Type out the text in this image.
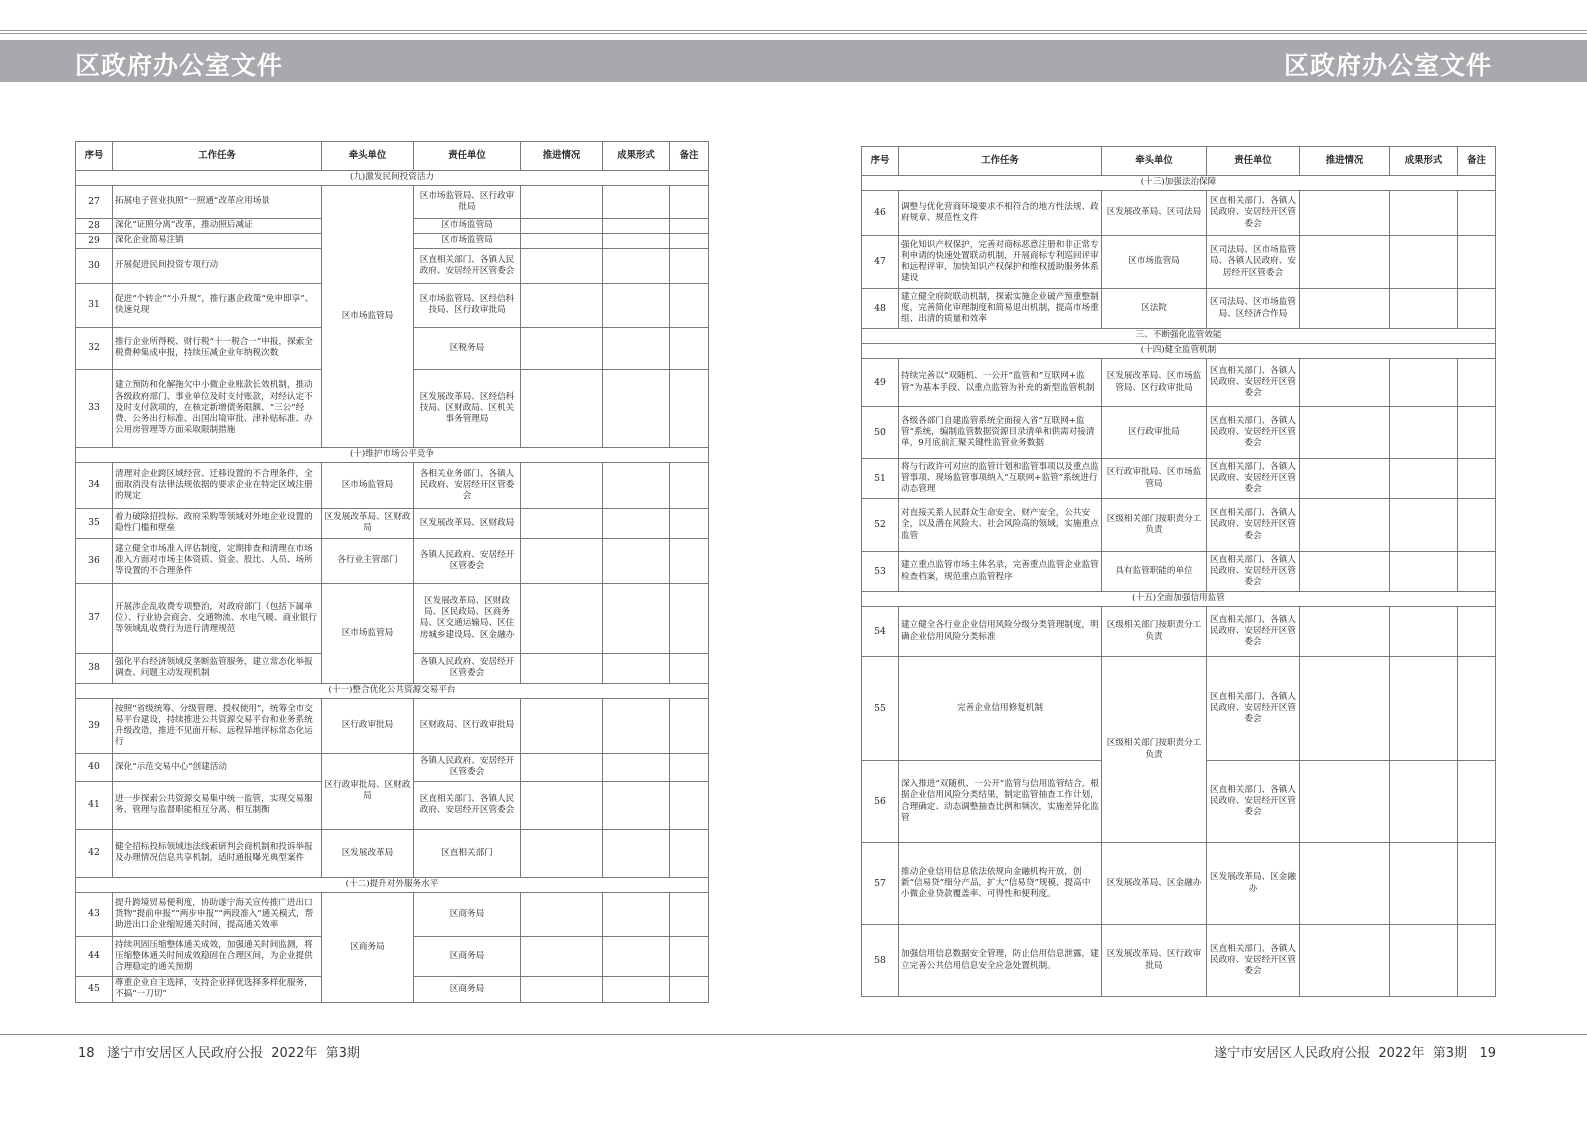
区政府办公室文件	区政府办公室文件
序号	工作任务	牵头单位	责任单位	推进情况	成果形式	备注
(九)激发民间投资活力						
27	拓展电子营业执照“一照通”改革应用场景	区市场监管局	区市场监管局、区行政审批局			
28	深化“证照分离”改革，推动照后减证		区市场监管局			
29	深化企业简易注销		区市场监管局			
30	开展促进民间投资专项行动		区直相关部门、各镇人民政府、安居经开区管委会			
31	促进“个转企”“小升规”，推行惠企政策“免申即享”、快速兑现		区市场监管局、区经信科技局、区行政审批局			
32	推行企业所得税、财行税“十一税合一”申报，探索全税费种集成申报，持续压减企业年纳税次数		区税务局			
33	建立预防和化解拖欠中小微企业账款长效机制，推动各级政府部门、事业单位及时支付账款，对经认定不及时支付款项的，在核定新增债务限额、“三公”经费、公务出行标准、出国出境审批、津补贴标准、办公用房管理等方面采取限制措施		区发展改革局、区经信科技局、区财政局、区机关事务管理局			
(十)维护市场公平竞争						
34	清理对企业跨区域经营、迁移设置的不合理条件，全面取消没有法律法规依据的要求企业在特定区域注册的规定	区市场监管局	各相关业务部门、各镇人民政府、安居经开区管委会			
35	着力破除招投标、政府采购等领域对外地企业设置的隐性门槛和壁垒	区发展改革局、区财政局	区发展改革局、区财政局			
36	建立健全市场准入评估制度，定期排查和清理在市场准入方面对市场主体资质、资金、股比、人员、场所等设置的不合理条件	各行业主管部门	各镇人民政府、安居经开区管委会			
37	开展涉企乱收费专项整治，对政府部门（包括下属单位）、行业协会商会、交通物流、水电气暖、商业银行等领域乱收费行为进行清理规范	区市场监管局	区发展改革局、区财政局、区民政局、区商务局、区交通运输局、区住房城乡建设局、区金融办			
38	强化平台经济领域反垄断监管服务，建立常态化举报调查、问题主动发现机制		各镇人民政府、安居经开区管委会			
(十一)整合优化公共资源交易平台						
39	按照“省级统筹、分级管理、授权使用”，统筹全市交易平台建设，持续推进公共资源交易平台和业务系统升级改造，推进不见面开标、远程异地评标常态化运行	区行政审批局	区财政局、区行政审批局			
40	深化“示范交易中心”创建活动	区行政审批局、区财政局	各镇人民政府、安居经开区管委会			
41	进一步探索公共资源交易集中统一监管，实现交易服务、管理与监督职能相互分离、相互制衡		区直相关部门、各镇人民政府、安居经开区管委会			
42	健全招标投标领域违法线索研判会商机制和投诉举报及办理情况信息共享机制，适时通报曝光典型案件	区发展改革局	区直相关部门			
(十二)提升对外服务水平						
43	提升跨境贸易便利度，协助遂宁海关宣传推广进出口货物“提前申报”“两步申报”“两段准入”通关模式，帮助进出口企业缩短通关时间，提高通关效率	区商务局	区商务局			
44	持续巩固压缩整体通关成效，加强通关时间监测，将压缩整体通关时间成效稳固在合理区间，为企业提供合理稳定的通关预期		区商务局			
45	尊重企业自主选择，支持企业择优选择多样化服务，不搞“一刀切”		区商务局			
序号	工作任务	牵头单位	责任单位	推进情况	成果形式	备注
(十三)加强法治保障						
46	调整与优化营商环境要求不相符合的地方性法规、政府规章、规范性文件	区发展改革局、区司法局	区直相关部门、各镇人民政府、安居经开区管委会			
47	强化知识产权保护，完善对商标恶意注册和非正常专利申请的快速处置联动机制，开展商标专利巡回评审和远程评审，加快知识产权保护和维权援助服务体系建设	区市场监管局	区司法局、区市场监管局、各镇人民政府、安居经开区管委会			
48	建立健全府院联动机制，探索实施企业破产预重整制度，完善简化审理制度和简易退出机制，提高市场重组、出清的质量和效率	区法院	区司法局、区市场监管局、区经济合作局			
三、不断强化监管效能						
(十四)健全监管机制						
49	持续完善以“双随机、一公开”监管和“互联网+监管”为基本手段、以重点监管为补充的新型监管机制	区发展改革局、区市场监管局、区行政审批局	区直相关部门、各镇人民政府、安居经开区管委会			
50	各级各部门自建监管系统全面接入省“互联网+监管”系统，编制监管数据资源目录清单和供需对接清单，9月底前汇聚关键性监管业务数据	区行政审批局	区直相关部门、各镇人民政府、安居经开区管委会			
51	将与行政许可对应的监管计划和监管事项以及重点监管事项、现场监管事项纳入“互联网+监管”系统进行动态管理	区行政审批局、区市场监管局	区直相关部门、各镇人民政府、安居经开区管委会			
52	对直接关系人民群众生命安全、财产安全，公共安全，以及潜在风险大、社会风险高的领域，实施重点监管	区级相关部门按职责分工负责	区直相关部门、各镇人民政府、安居经开区管委会			
53	建立重点监管市场主体名录，完善重点监管企业监管检查档案，规范重点监管程序	具有监管职能的单位	区直相关部门、各镇人民政府、安居经开区管委会			
(十五)全面加强信用监管						
54	建立健全各行业企业信用风险分级分类管理制度，明确企业信用风险分类标准	区级相关部门按职责分工负责	区直相关部门、各镇人民政府、安居经开区管委会			
55	完善企业信用修复机制	区级相关部门按职责分工负责	区直相关部门、各镇人民政府、安居经开区管委会			
56	深入推进“双随机、一公开”监管与信用监管结合，根据企业信用风险分类结果，制定监管抽查工作计划，合理确定、动态调整抽查比例和频次，实施差异化监管		区直相关部门、各镇人民政府、安居经开区管委会			
57	推动企业信用信息依法依规向金融机构开放，创新“信易贷”细分产品，扩大“信易贷”规模，提高中小微企业贷款覆盖率、可得性和便利度。	区发展改革局、区金融办	区发展改革局、区金融办			
58	加强信用信息数据安全管理，防止信用信息泄露，建立完善公共信用信息安全应急处置机制。	区发展改革局、区行政审批局	区直相关部门、各镇人民政府、安居经开区管委会			
18 遂宁市安居区人民政府公报 2022年 第3期	遂宁市安居区人民政府公报 2022年 第3期 19
